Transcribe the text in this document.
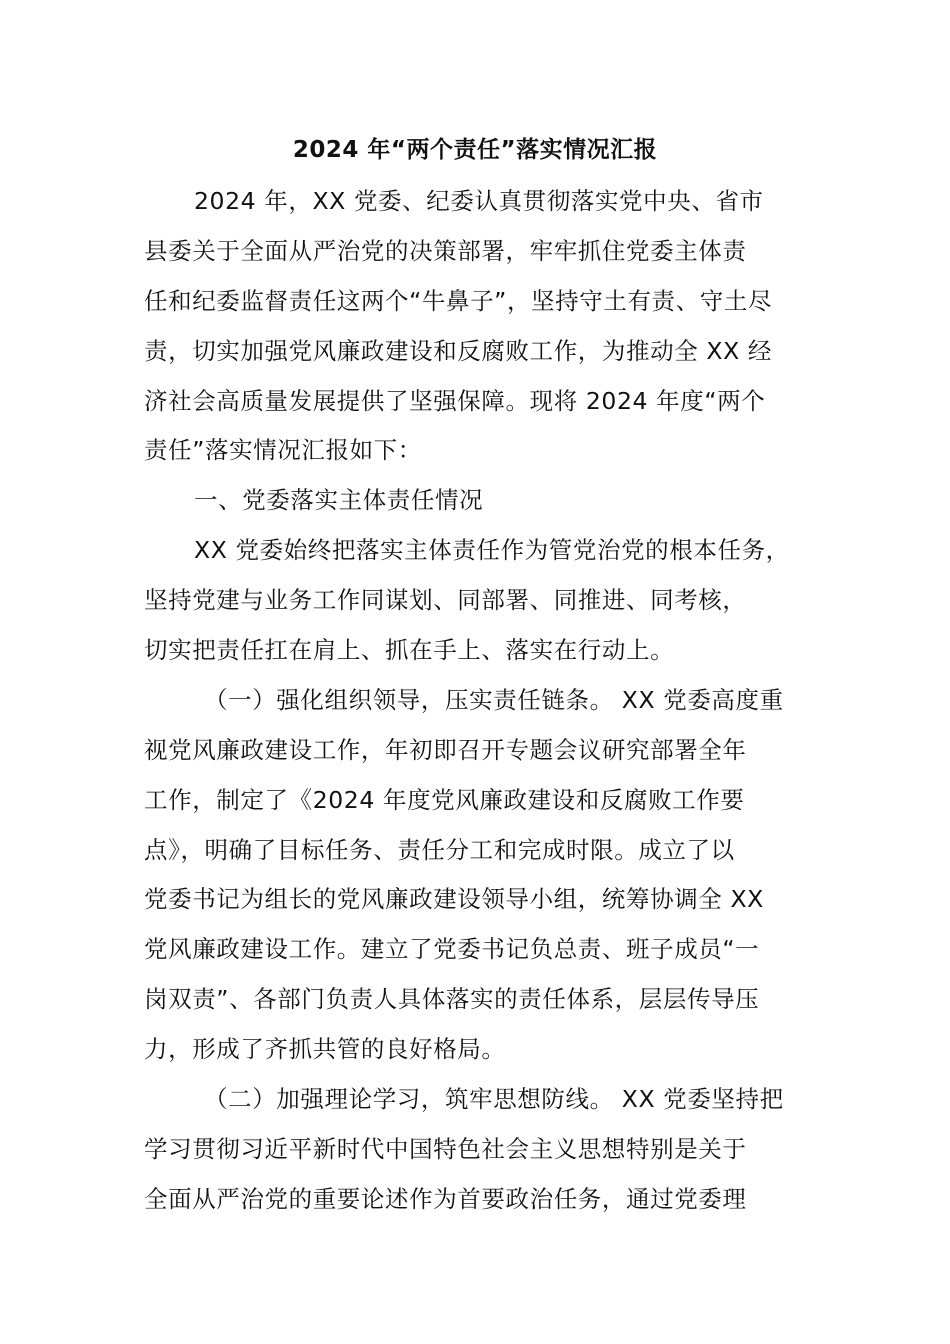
2024 年“两个责任”落实情况汇报
2024 年，XX 党委、纪委认真贯彻落实党中央、省市
县委关于全面从严治党的决策部署，牢牢抓住党委主体责
任和纪委监督责任这两个“牛鼻子”，坚持守土有责、守土尽
责，切实加强党风廉政建设和反腐败工作，为推动全 XX 经
济社会高质量发展提供了坚强保障。现将 2024 年度“两个
责任”落实情况汇报如下：
一、党委落实主体责任情况
XX 党委始终把落实主体责任作为管党治党的根本任务，
坚持党建与业务工作同谋划、同部署、同推进、同考核，
切实把责任扛在肩上、抓在手上、落实在行动上。
（一）强化组织领导，压实责任链条。 XX 党委高度重
视党风廉政建设工作，年初即召开专题会议研究部署全年
工作，制定了《2024 年度党风廉政建设和反腐败工作要
点》，明确了目标任务、责任分工和完成时限。成立了以
党委书记为组长的党风廉政建设领导小组，统筹协调全 XX
党风廉政建设工作。建立了党委书记负总责、班子成员“一
岗双责”、各部门负责人具体落实的责任体系，层层传导压
力，形成了齐抓共管的良好格局。
（二）加强理论学习，筑牢思想防线。 XX 党委坚持把
学习贯彻习近平新时代中国特色社会主义思想特别是关于
全面从严治党的重要论述作为首要政治任务，通过党委理
